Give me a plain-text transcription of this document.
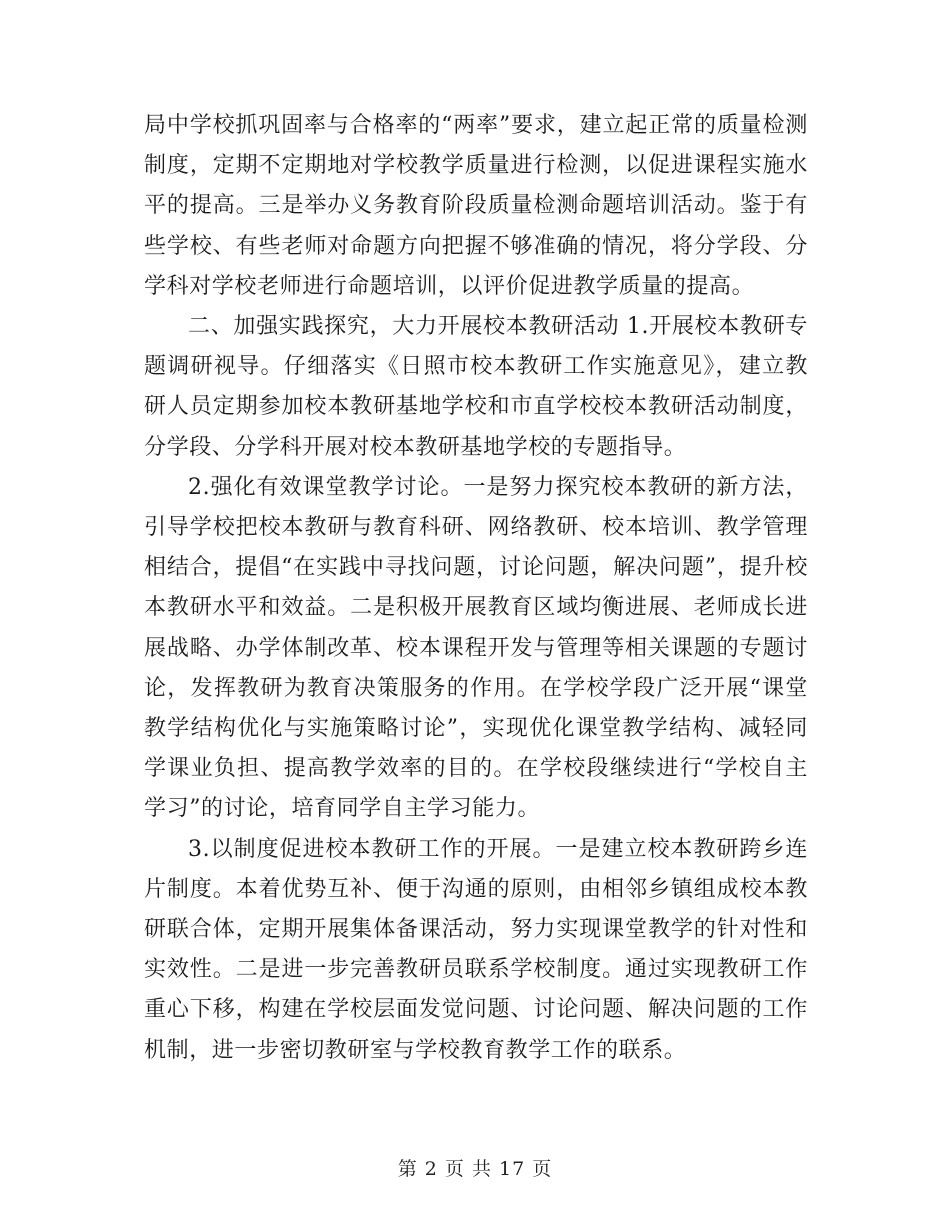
局中学校抓巩固率与合格率的“两率”要求，建立起正常的质量检测制度，定期不定期地对学校教学质量进行检测，以促进课程实施水平的提高。三是举办义务教育阶段质量检测命题培训活动。鉴于有些学校、有些老师对命题方向把握不够准确的情况，将分学段、分学科对学校老师进行命题培训，以评价促进教学质量的提高。

二、加强实践探究，大力开展校本教研活动 1.开展校本教研专题调研视导。仔细落实《日照市校本教研工作实施意见》，建立教研人员定期参加校本教研基地学校和市直学校校本教研活动制度，分学段、分学科开展对校本教研基地学校的专题指导。

2.强化有效课堂教学讨论。一是努力探究校本教研的新方法，引导学校把校本教研与教育科研、网络教研、校本培训、教学管理相结合，提倡“在实践中寻找问题，讨论问题，解决问题”，提升校本教研水平和效益。二是积极开展教育区域均衡进展、老师成长进展战略、办学体制改革、校本课程开发与管理等相关课题的专题讨论，发挥教研为教育决策服务的作用。在学校学段广泛开展“课堂教学结构优化与实施策略讨论”，实现优化课堂教学结构、减轻同学课业负担、提高教学效率的目的。在学校段继续进行“学校自主学习”的讨论，培育同学自主学习能力。

3.以制度促进校本教研工作的开展。一是建立校本教研跨乡连片制度。本着优势互补、便于沟通的原则，由相邻乡镇组成校本教研联合体，定期开展集体备课活动，努力实现课堂教学的针对性和实效性。二是进一步完善教研员联系学校制度。通过实现教研工作重心下移，构建在学校层面发觉问题、讨论问题、解决问题的工作机制，进一步密切教研室与学校教育教学工作的联系。

第 2 页 共 17 页
